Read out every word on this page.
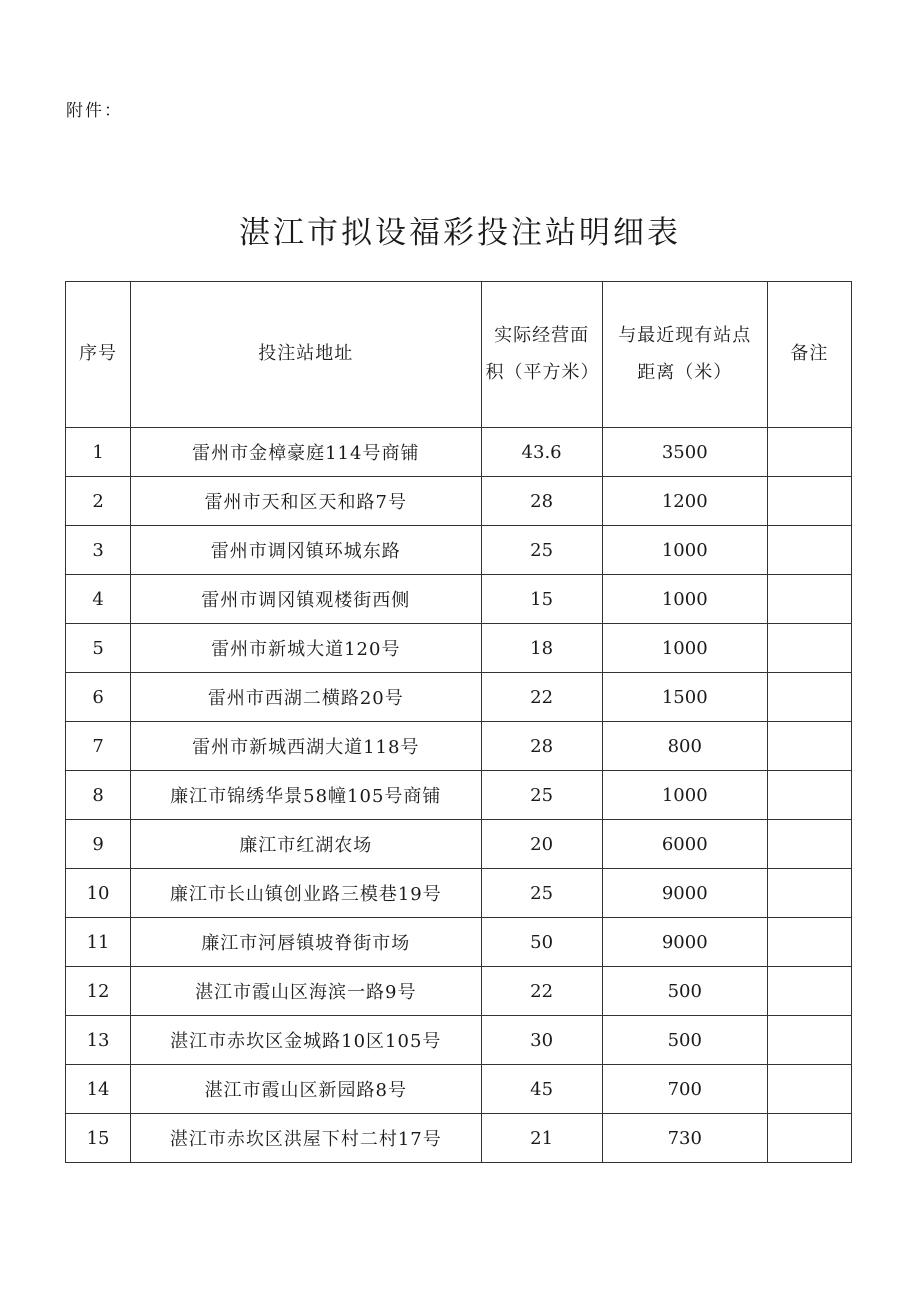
附件：
湛江市拟设福彩投注站明细表
序号	投注站地址	实际经营面积（平方米）	与最近现有站点距离（米）	备注
1	雷州市金樟豪庭114号商铺	43.6	3500	
2	雷州市天和区天和路7号	28	1200	
3	雷州市调冈镇环城东路	25	1000	
4	雷州市调冈镇观楼街西侧	15	1000	
5	雷州市新城大道120号	18	1000	
6	雷州市西湖二横路20号	22	1500	
7	雷州市新城西湖大道118号	28	800	
8	廉江市锦绣华景58幢105号商铺	25	1000	
9	廉江市红湖农场	20	6000	
10	廉江市长山镇创业路三模巷19号	25	9000	
11	廉江市河唇镇坡脊街市场	50	9000	
12	湛江市霞山区海滨一路9号	22	500	
13	湛江市赤坎区金城路10区105号	30	500	
14	湛江市霞山区新园路8号	45	700	
15	湛江市赤坎区洪屋下村二村17号	21	730	
